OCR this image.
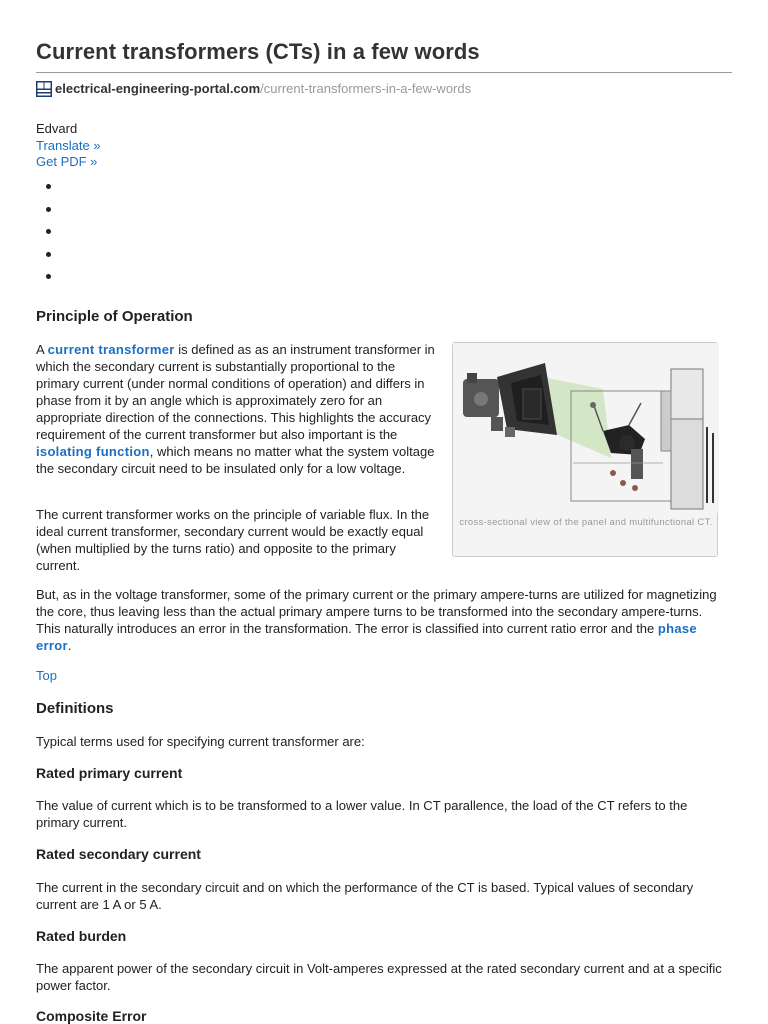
Current transformers (CTs) in a few words
electrical-engineering-portal.com /current-transformers-in-a-few-words
Edvard
Translate »
Get PDF »
Principle of Operation

A current transformer is defined as as an instrument transformer in which the secondary current is substantially proportional to the primary current (under normal conditions of operation) and differs in phase from it by an angle which is approximately zero for an appropriate direction of the connections. This highlights the accuracy requirement of the current transformer but also important is the isolating function, which means no matter what the system voltage the secondary circuit need to be insulated only for a low voltage.

The current transformer works on the principle of variable flux. In the ideal current transformer, secondary current would be exactly equal (when multiplied by the turns ratio) and opposite to the primary current.

cross-sectional view of the panel and multifunctional CT.

But, as in the voltage transformer, some of the primary current or the primary ampere-turns are utilized for magnetizing the core, thus leaving less than the actual primary ampere turns to be transformed into the secondary ampere-turns. This naturally introduces an error in the transformation. The error is classified into current ratio error and the phase error.

Top
Definitions

Typical terms used for specifying current transformer are:

Rated primary current

The value of current which is to be transformed to a lower value. In CT parallence, the load of the CT refers to the primary current.

Rated secondary current

The current in the secondary circuit and on which the performance of the CT is based. Typical values of secondary current are 1 A or 5 A.

Rated burden

The apparent power of the secondary circuit in Volt-amperes expressed at the rated secondary current and at a specific power factor.

Composite Error
